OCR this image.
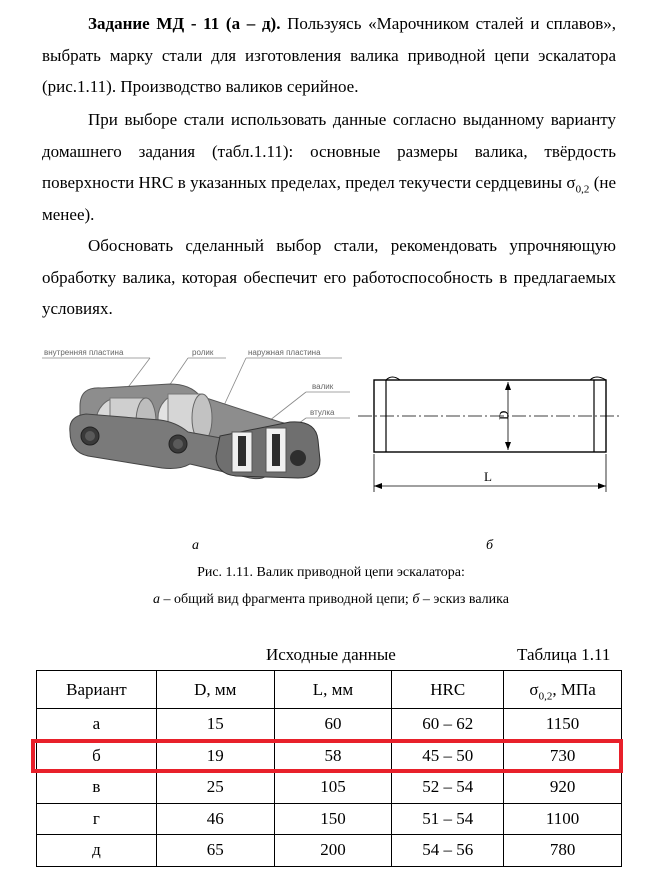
Задание МД - 11 (а – д). Пользуясь «Марочником сталей и сплавов», выбрать марку стали для изготовления валика приводной цепи эскалатора (рис.1.11). Производство валиков серийное.

При выборе стали использовать данные согласно выданному варианту домашнего задания (табл.1.11): основные размеры валика, твёрдость поверхности HRC в указанных пределах, предел текучести сердцевины $\sigma_{0,2}$ (не менее).

Обосновать сделанный выбор стали, рекомендовать упрочняющую обработку валика, которая обеспечит его работоспособность в предлагаемых условиях.

внутренняя пластина	ролик	наружная пластина
валик
втулка	D
L
а	б
Рис. 1.11. Валик приводной цепи эскалатора:
а – общий вид фрагмента приводной цепи; б – эскиз валика
Исходные данные	Таблица 1.11
Вариант	D, мм	L, мм	HRC	$\sigma_{0,2}$, МПа
а	15	60	60 – 62	1150
б	19	58	45 – 50	730
в	25	105	52 – 54	920
г	46	150	51 – 54	1100
д	65	200	54 – 56	780
